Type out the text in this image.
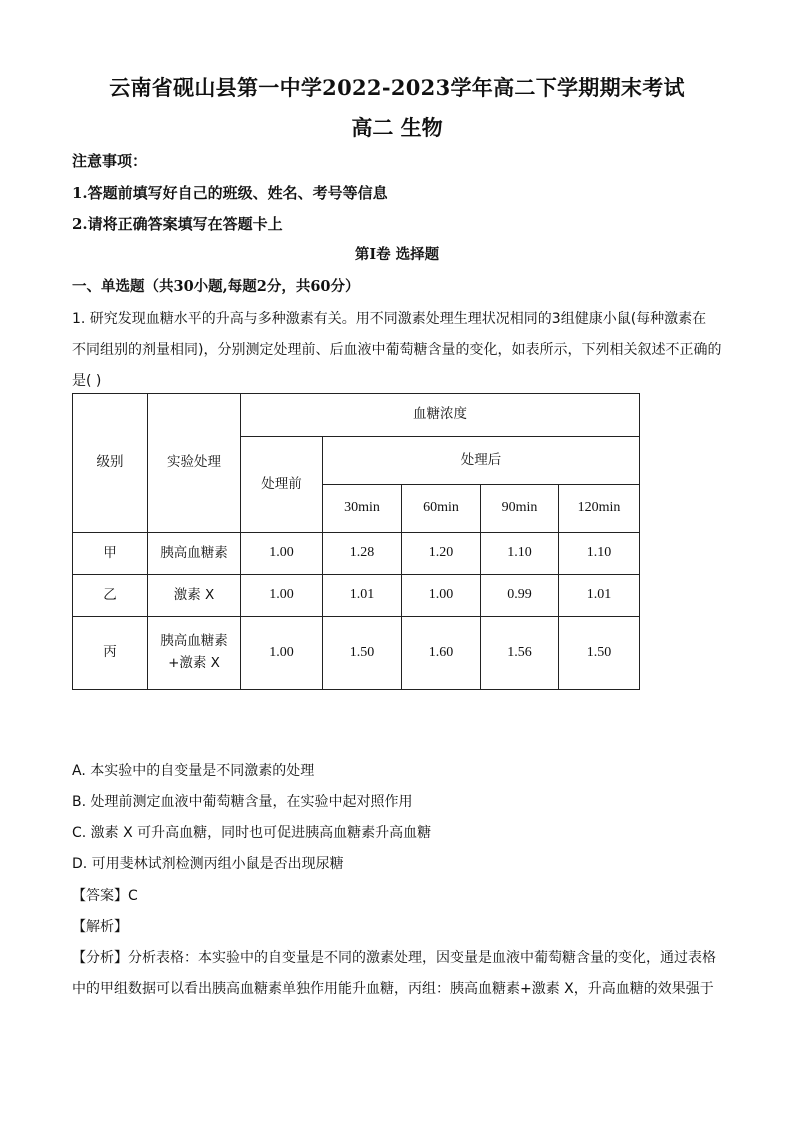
云南省砚山县第一中学2022-2023学年高二下学期期末考试
高二 生物
注意事项：
1.答题前填写好自己的班级、姓名、考号等信息
2.请将正确答案填写在答题卡上
第Ⅰ卷 选择题
一、单选题（共30小题,每题2分，共60分）
1. 研究发现血糖水平的升高与多种激素有关。用不同激素处理生理状况相同的3组健康小鼠(每种激素在
不同组别的剂量相同)，分别测定处理前、后血液中葡萄糖含量的变化，如表所示，下列相关叙述不正确的
是( )
级别	实验处理	血糖浓度				
		处理前	处理后			
			30min	60min	90min	120min
甲	胰高血糖素	1.00	1.28	1.20	1.10	1.10
乙	激素 X	1.00	1.01	1.00	0.99	1.01
丙	胰高血糖素
+激素 X	1.00	1.50	1.60	1.56	1.50
A. 本实验中的自变量是不同激素的处理
B. 处理前测定血液中葡萄糖含量，在实验中起对照作用
C. 激素 X 可升高血糖，同时也可促进胰高血糖素升高血糖
D. 可用斐林试剂检测丙组小鼠是否出现尿糖
【答案】C
【解析】
【分析】分析表格：本实验中的自变量是不同的激素处理，因变量是血液中葡萄糖含量的变化，通过表格
中的甲组数据可以看出胰高血糖素单独作用能升血糖，丙组：胰高血糖素+激素 X，升高血糖的效果强于
